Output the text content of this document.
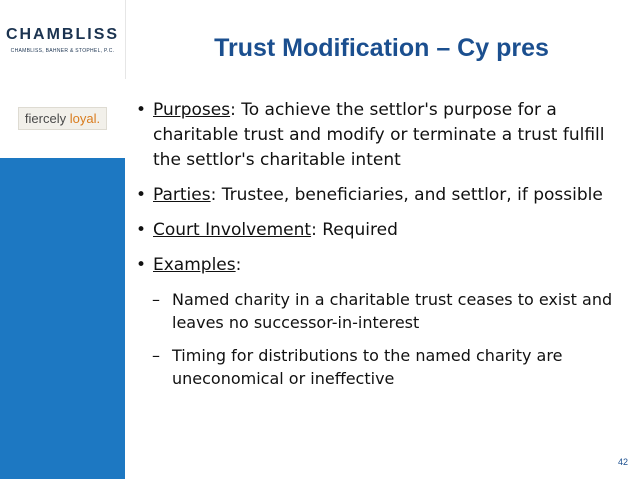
CHAMBLISS
CHAMBLISS, BAHNER & STOPHEL, P.C.
fiercely loyal.
Trust Modification – Cy pres
• Purposes: To achieve the settlor's purpose for a charitable trust and modify or terminate a trust fulfill the settlor's charitable intent
• Parties: Trustee, beneficiaries, and settlor, if possible
• Court Involvement: Required
• Examples:
– Named charity in a charitable trust ceases to exist and leaves no successor-in-interest
– Timing for distributions to the named charity are uneconomical or ineffective
42
